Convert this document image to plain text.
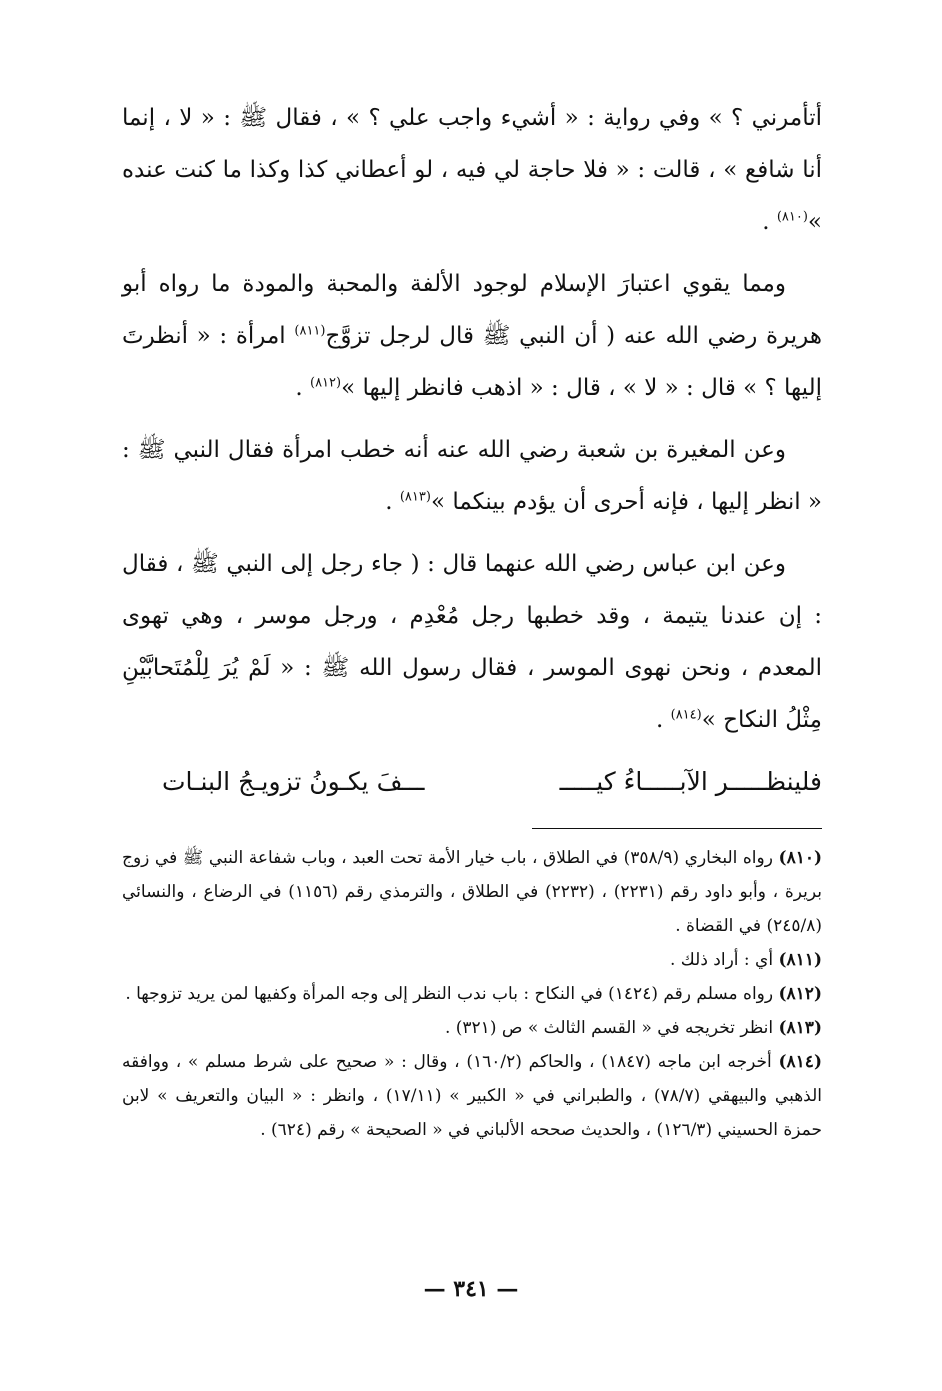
أتأمرني ؟ » وفي رواية : « أشيء واجب علي ؟ » ، فقال ﷺ : « لا ، إنما أنا شافع » ، قالت : « فلا حاجة لي فيه ، لو أعطاني كذا وكذا ما كنت عنده »$^{(٨١٠)}$ .

ومما يقوي اعتبارَ الإسلام لوجود الألفة والمحبة والمودة ما رواه أبو هريرة رضي الله عنه ( أن النبي ﷺ قال لرجل تزوَّج$^{(٨١١)}$ امرأة : « أنظرتَ إليها ؟ » قال : « لا » ، قال : « اذهب فانظر إليها »$^{(٨١٢)}$ .

وعن المغيرة بن شعبة رضي الله عنه أنه خطب امرأة فقال النبي ﷺ : « انظر إليها ، فإنه أحرى أن يؤدم بينكما »$^{(٨١٣)}$ .

وعن ابن عباس رضي الله عنهما قال : ( جاء رجل إلى النبي ﷺ ، فقال : إن عندنا يتيمة ، وقد خطبها رجل مُعْدِم ، ورجل موسر ، وهي تهوى المعدم ، ونحن نهوى الموسر ، فقال رسول الله ﷺ : « لَمْ يُرَ لِلْمُتَحابَّيْنِ مِثْلُ النكاح »$^{(٨١٤)}$ .

فلينظـــــر الآبـــــاءُ كيـــــ
ـــفَ يكـونُ تزويـجُ البنـات

(٨١٠) رواه البخاري (٣٥٨/٩) في الطلاق ، باب خيار الأمة تحت العبد ، وباب شفاعة النبي ﷺ في زوج بريرة ، وأبو داود رقم (٢٢٣١) ، (٢٢٣٢) في الطلاق ، والترمذي رقم (١١٥٦) في الرضاع ، والنسائي (٢٤٥/٨) في القضاة .

(٨١١) أي : أراد ذلك .

(٨١٢) رواه مسلم رقم (١٤٢٤) في النكاح : باب ندب النظر إلى وجه المرأة وكفيها لمن يريد تزوجها .

(٨١٣) انظر تخريجه في « القسم الثالث » ص (٣٢١) .

(٨١٤) أخرجه ابن ماجه (١٨٤٧) ، والحاكم (١٦٠/٢) ، وقال : « صحيح على شرط مسلم » ، ووافقه الذهبي والبيهقي (٧٨/٧) ، والطبراني في « الكبير » (١٧/١١) ، وانظر : « البيان والتعريف » لابن حمزة الحسيني (١٢٦/٣) ، والحديث صححه الألباني في « الصحيحة » رقم (٦٢٤) .

— ٣٤١ —
